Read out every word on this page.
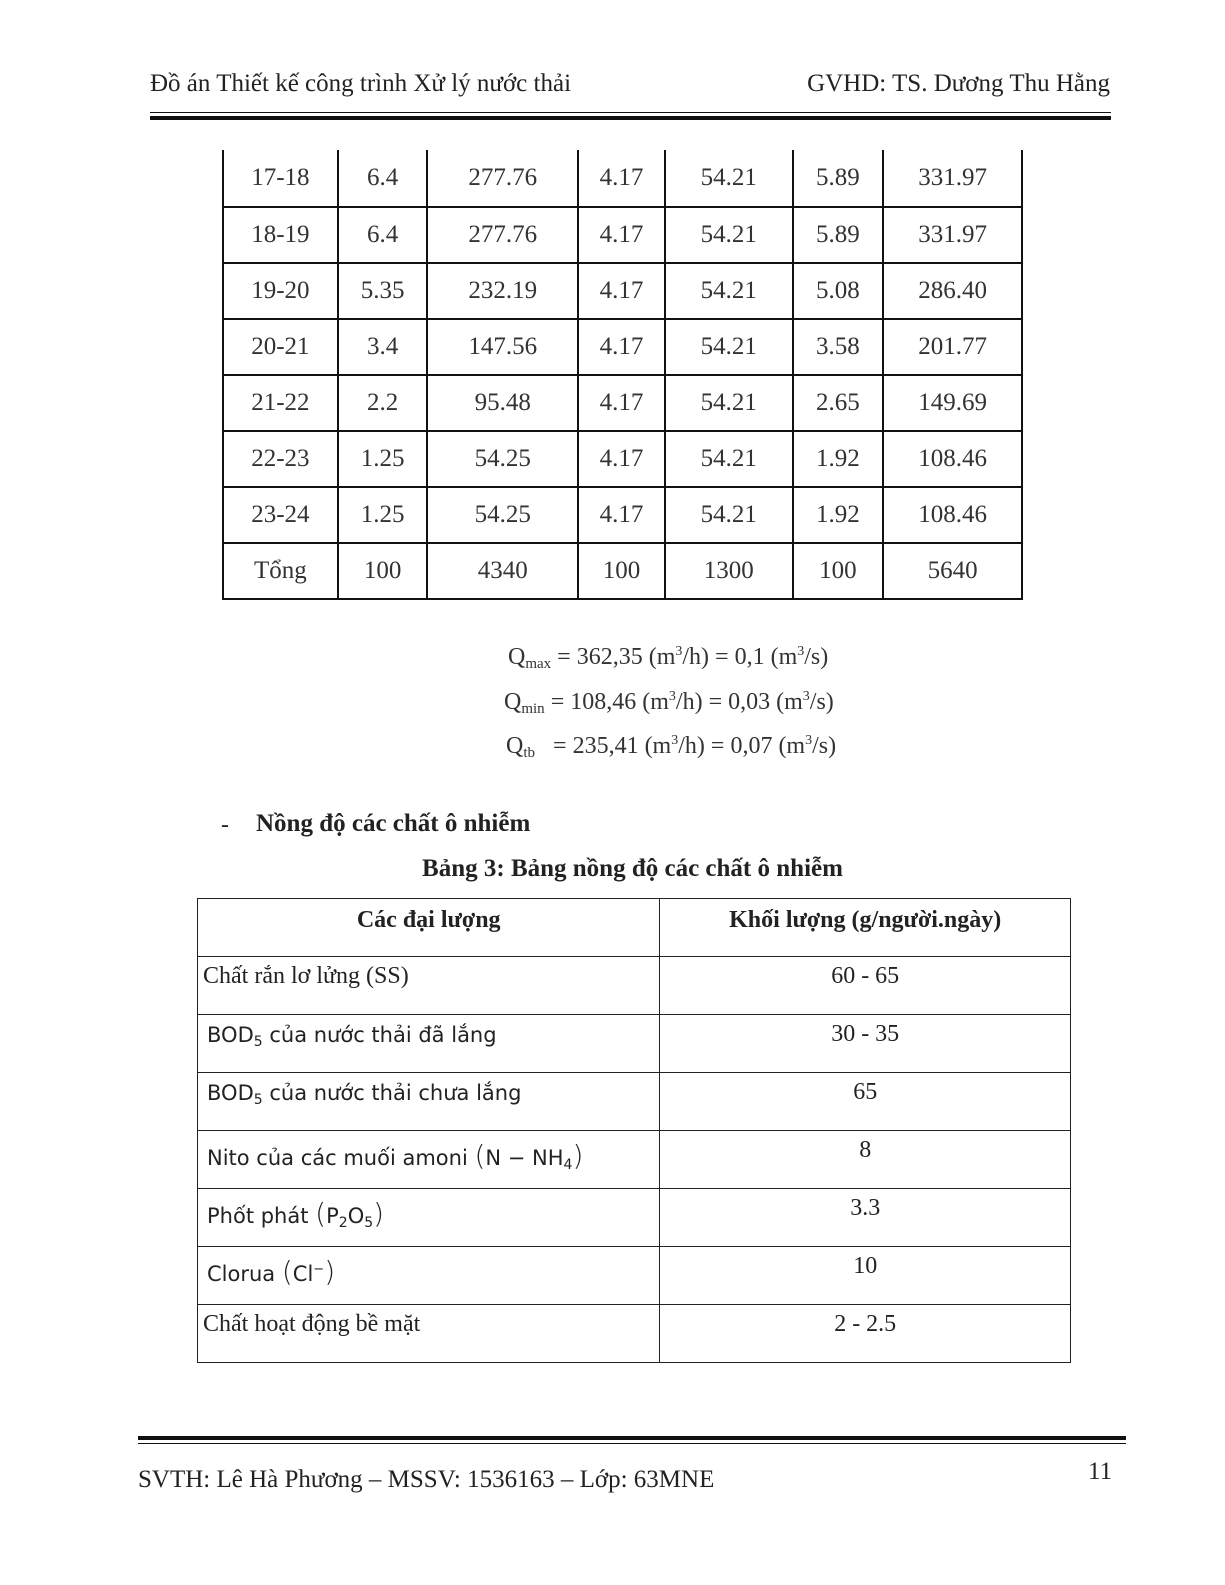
Đồ án Thiết kế công trình Xử lý nước thải	GVHD: TS. Dương Thu Hằng
17-18	6.4	277.76	4.17	54.21	5.89	331.97
18-19	6.4	277.76	4.17	54.21	5.89	331.97
19-20	5.35	232.19	4.17	54.21	5.08	286.40
20-21	3.4	147.56	4.17	54.21	3.58	201.77
21-22	2.2	95.48	4.17	54.21	2.65	149.69
22-23	1.25	54.25	4.17	54.21	1.92	108.46
23-24	1.25	54.25	4.17	54.21	1.92	108.46
Tổng	100	4340	100	1300	100	5640

$Q_{max} = 362,35$ $(m^3/h) = 0,1$ $(m^3/s)$

$Q_{min} = 108,46$ $(m^3/h) = 0,03$ $(m^3/s)$

$Q_{tb} = 235,41$ $(m^3/h) = 0,07$ $(m^3/s)$

- Nồng độ các chất ô nhiễm
Bảng 3: Bảng nồng độ các chất ô nhiễm
Các đại lượng	Khối lượng (g/người.ngày)
Chất rắn lơ lửng (SS)	60 - 65
$BOD_5$ của nước thải đã lắng	30 - 35
$BOD_5$ của nước thải chưa lắng	65
Nito của các muối amoni $(N - NH_4)$	8
Phốt phát $(P_2O_5)$	3.3
Clorua (Cl−)	10
Chất hoạt động bề mặt	2 - 2.5
SVTH: Lê Hà Phương – MSSV: 1536163 – Lớp: 63MNE	11
